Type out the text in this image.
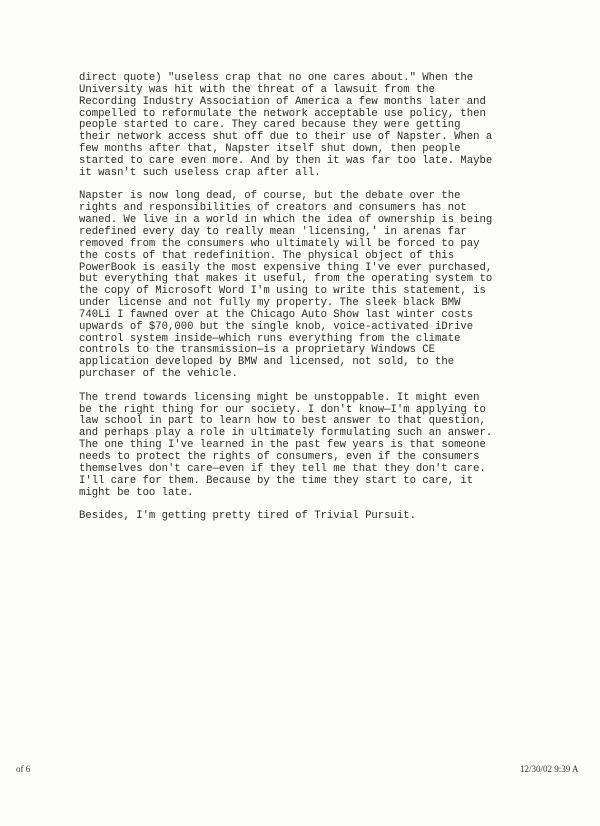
direct quote) "useless crap that no one cares about." When the
University was hit with the threat of a lawsuit from the
Recording Industry Association of America a few months later and
compelled to reformulate the network acceptable use policy, then
people started to care. They cared because they were getting
their network access shut off due to their use of Napster. When a
few months after that, Napster itself shut down, then people
started to care even more. And by then it was far too late. Maybe
it wasn't such useless crap after all.
Napster is now long dead, of course, but the debate over the
rights and responsibilities of creators and consumers has not
waned. We live in a world in which the idea of ownership is being
redefined every day to really mean 'licensing,' in arenas far
removed from the consumers who ultimately will be forced to pay
the costs of that redefinition. The physical object of this
PowerBook is easily the most expensive thing I've ever purchased,
but everything that makes it useful, from the operating system to
the copy of Microsoft Word I'm using to write this statement, is
under license and not fully my property. The sleek black BMW
740Li I fawned over at the Chicago Auto Show last winter costs
upwards of $70,000 but the single knob, voice-activated iDrive
control system inside—which runs everything from the climate
controls to the transmission—is a proprietary Windows CE
application developed by BMW and licensed, not sold, to the
purchaser of the vehicle.
The trend towards licensing might be unstoppable. It might even
be the right thing for our society. I don't know—I'm applying to
law school in part to learn how to best answer to that question,
and perhaps play a role in ultimately formulating such an answer.
The one thing I've learned in the past few years is that someone
needs to protect the rights of consumers, even if the consumers
themselves don't care—even if they tell me that they don't care.
I'll care for them. Because by the time they start to care, it
might be too late.
Besides, I'm getting pretty tired of Trivial Pursuit.
of 6	12/30/02 9:39 A
